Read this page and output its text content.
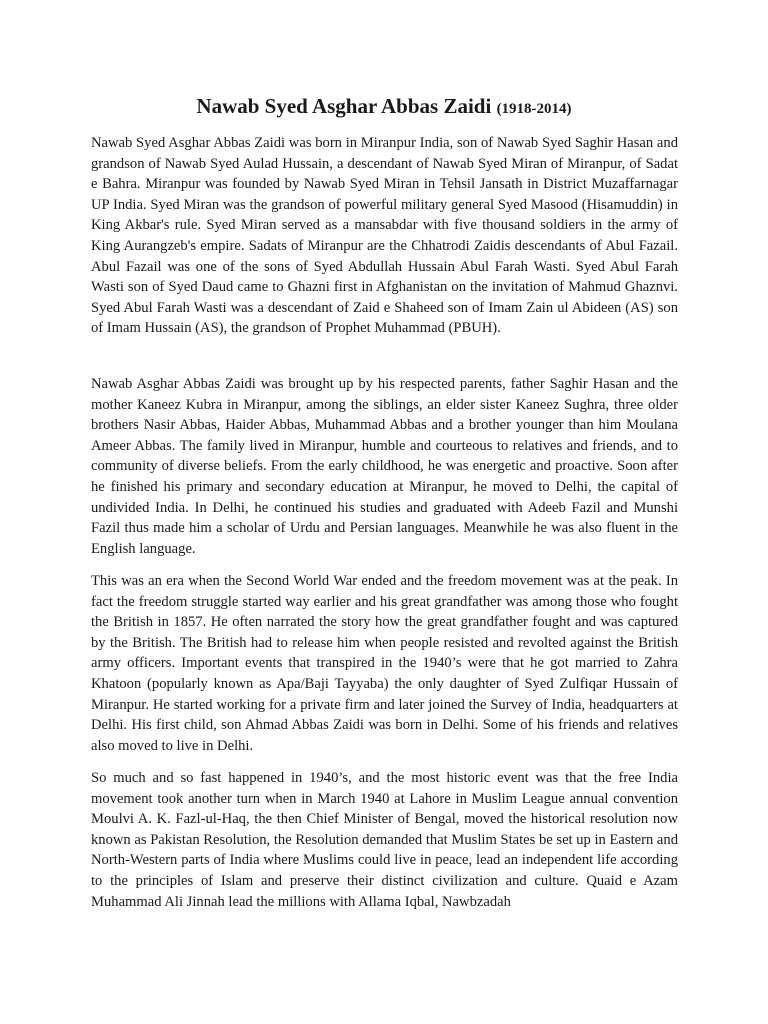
Nawab Syed Asghar Abbas Zaidi (1918-2014)

Nawab Syed Asghar Abbas Zaidi was born in Miranpur India, son of Nawab Syed Saghir Hasan and grandson of Nawab Syed Aulad Hussain, a descendant of Nawab Syed Miran of Miranpur, of Sadat e Bahra. Miranpur was founded by Nawab Syed Miran in Tehsil Jansath in District Muzaffarnagar UP India. Syed Miran was the grandson of powerful military general Syed Masood (Hisamuddin) in King Akbar's rule. Syed Miran served as a mansabdar with five thousand soldiers in the army of King Aurangzeb's empire. Sadats of Miranpur are the Chhatrodi Zaidis descendants of Abul Fazail. Abul Fazail was one of the sons of Syed Abdullah Hussain Abul Farah Wasti. Syed Abul Farah Wasti son of Syed Daud came to Ghazni first in Afghanistan on the invitation of Mahmud Ghaznvi. Syed Abul Farah Wasti was a descendant of Zaid e Shaheed son of Imam Zain ul Abideen (AS) son of Imam Hussain (AS), the grandson of Prophet Muhammad (PBUH).

Nawab Asghar Abbas Zaidi was brought up by his respected parents, father Saghir Hasan and the mother Kaneez Kubra in Miranpur, among the siblings, an elder sister Kaneez Sughra, three older brothers Nasir Abbas, Haider Abbas, Muhammad Abbas and a brother younger than him Moulana Ameer Abbas. The family lived in Miranpur, humble and courteous to relatives and friends, and to community of diverse beliefs. From the early childhood, he was energetic and proactive. Soon after he finished his primary and secondary education at Miranpur, he moved to Delhi, the capital of undivided India. In Delhi, he continued his studies and graduated with Adeeb Fazil and Munshi Fazil thus made him a scholar of Urdu and Persian languages. Meanwhile he was also fluent in the English language.

This was an era when the Second World War ended and the freedom movement was at the peak. In fact the freedom struggle started way earlier and his great grandfather was among those who fought the British in 1857. He often narrated the story how the great grandfather fought and was captured by the British. The British had to release him when people resisted and revolted against the British army officers. Important events that transpired in the 1940’s were that he got married to Zahra Khatoon (popularly known as Apa/Baji Tayyaba) the only daughter of Syed Zulfiqar Hussain of Miranpur. He started working for a private firm and later joined the Survey of India, headquarters at Delhi. His first child, son Ahmad Abbas Zaidi was born in Delhi. Some of his friends and relatives also moved to live in Delhi.

So much and so fast happened in 1940’s, and the most historic event was that the free India movement took another turn when in March 1940 at Lahore in Muslim League annual convention Moulvi A. K. Fazl-ul-Haq, the then Chief Minister of Bengal, moved the historical resolution now known as Pakistan Resolution, the Resolution demanded that Muslim States be set up in Eastern and North-Western parts of India where Muslims could live in peace, lead an independent life according to the principles of Islam and preserve their distinct civilization and culture. Quaid e Azam Muhammad Ali Jinnah lead the millions with Allama Iqbal, Nawbzadah
